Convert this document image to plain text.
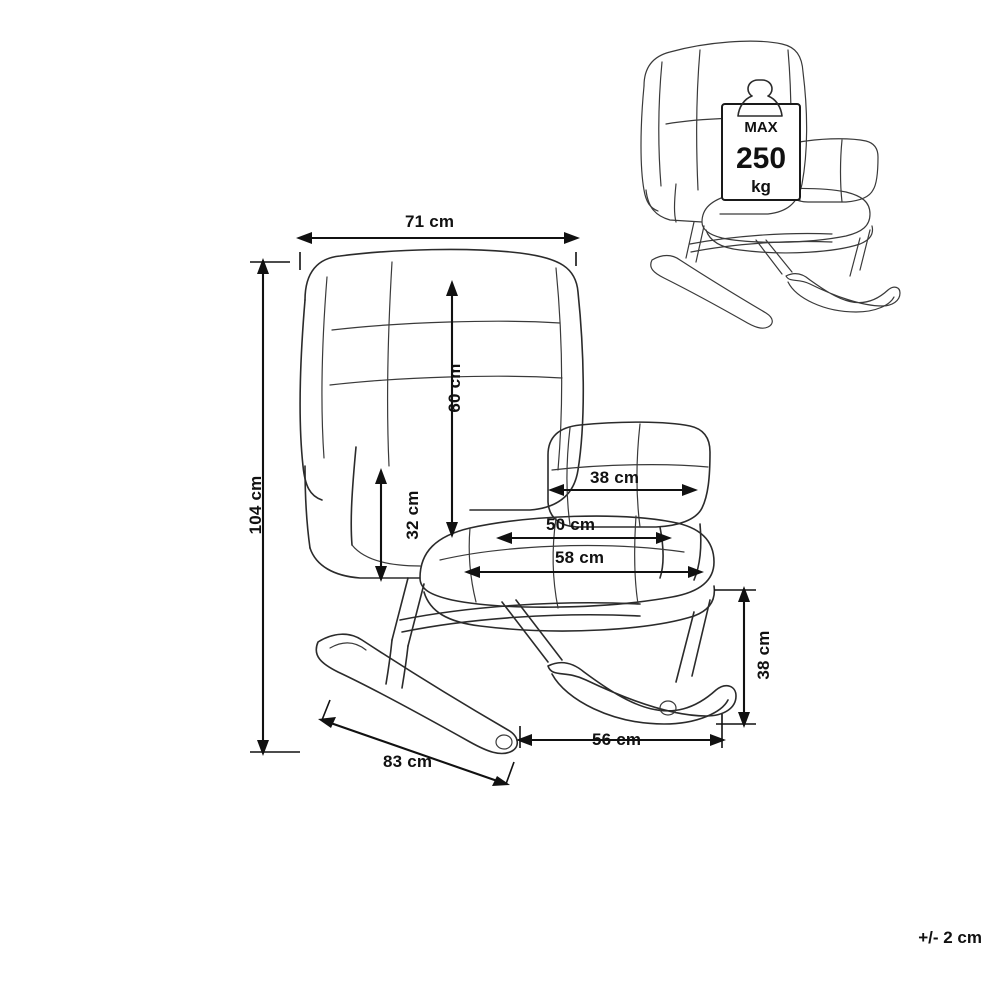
MAX
250
kg
71 cm
60 cm
104 cm	32 cm
38 cm
50 cm
58 cm
38 cm
56 cm
83 cm
+/- 2 cm
